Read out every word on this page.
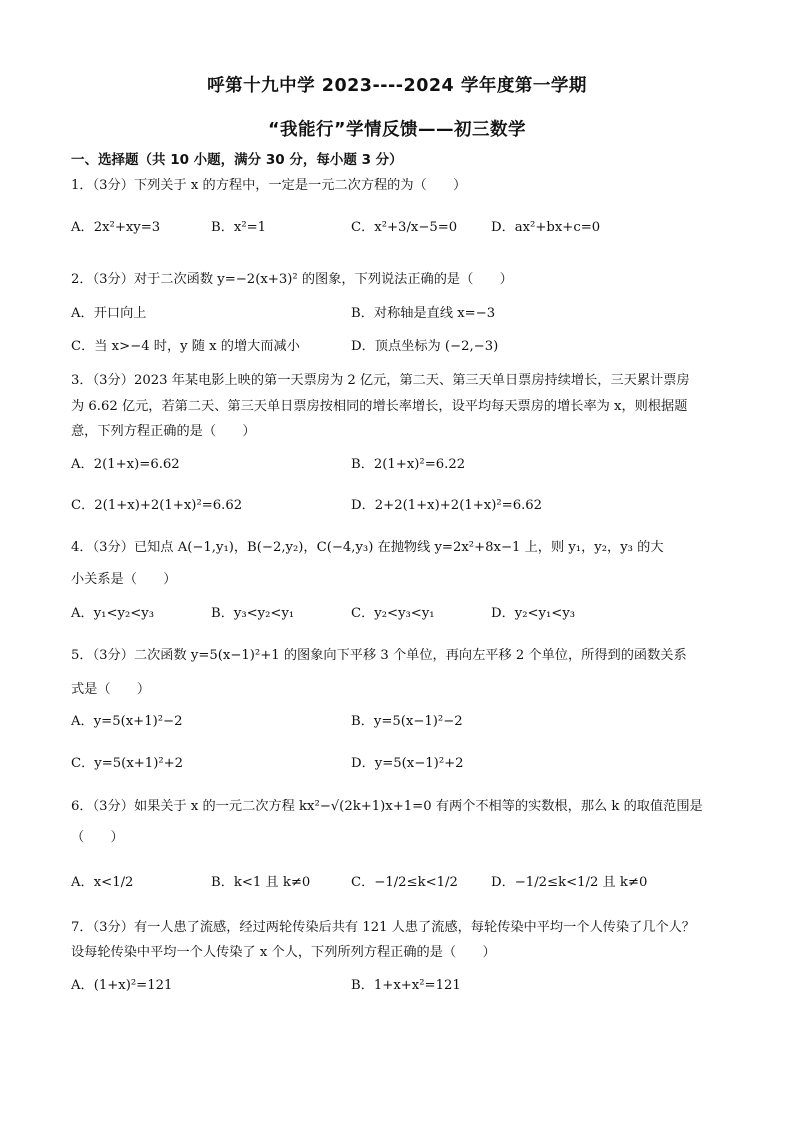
呼第十九中学 2023----2024 学年度第一学期
“我能行”学情反馈——初三数学
一、选择题（共 10 小题，满分 30 分，每小题 3 分）
1．（3分）下列关于 x 的方程中，一定是一元二次方程的为（　　）
A．2x²+xy=3	B．x²=1	C．x²+3/x−5=0	D．ax²+bx+c=0
2．（3分）对于二次函数 y=−2(x+3)² 的图象，下列说法正确的是（　　）
A．开口向上	B．对称轴是直线 x=−3
C．当 x>−4 时，y 随 x 的增大而减小	D．顶点坐标为 (−2,−3)
3．（3分）2023 年某电影上映的第一天票房为 2 亿元，第二天、第三天单日票房持续增长，三天累计票房
为 6.62 亿元，若第二天、第三天单日票房按相同的增长率增长，设平均每天票房的增长率为 x，则根据题
意，下列方程正确的是（　　）
A．2(1+x)=6.62	B．2(1+x)²=6.22
C．2(1+x)+2(1+x)²=6.62	D．2+2(1+x)+2(1+x)²=6.62
4．（3分）已知点 A(−1,y₁)，B(−2,y₂)，C(−4,y₃) 在抛物线 y=2x²+8x−1 上，则 y₁，y₂，y₃ 的大
小关系是（　　）
A．y₁<y₂<y₃	B．y₃<y₂<y₁	C．y₂<y₃<y₁	D．y₂<y₁<y₃
5．（3分）二次函数 y=5(x−1)²+1 的图象向下平移 3 个单位，再向左平移 2 个单位，所得到的函数关系
式是（　　）
A．y=5(x+1)²−2	B．y=5(x−1)²−2
C．y=5(x+1)²+2	D．y=5(x−1)²+2
6．（3分）如果关于 x 的一元二次方程 kx²−√(2k+1)x+1=0 有两个不相等的实数根，那么 k 的取值范围是
（　　）
A．x<1/2	B．k<1 且 k≠0	C．−1/2≤k<1/2	D．−1/2≤k<1/2 且 k≠0
7．（3分）有一人患了流感，经过两轮传染后共有 121 人患了流感，每轮传染中平均一个人传染了几个人？
设每轮传染中平均一个人传染了 x 个人，下列所列方程正确的是（　　）
A．(1+x)²=121	B．1+x+x²=121
